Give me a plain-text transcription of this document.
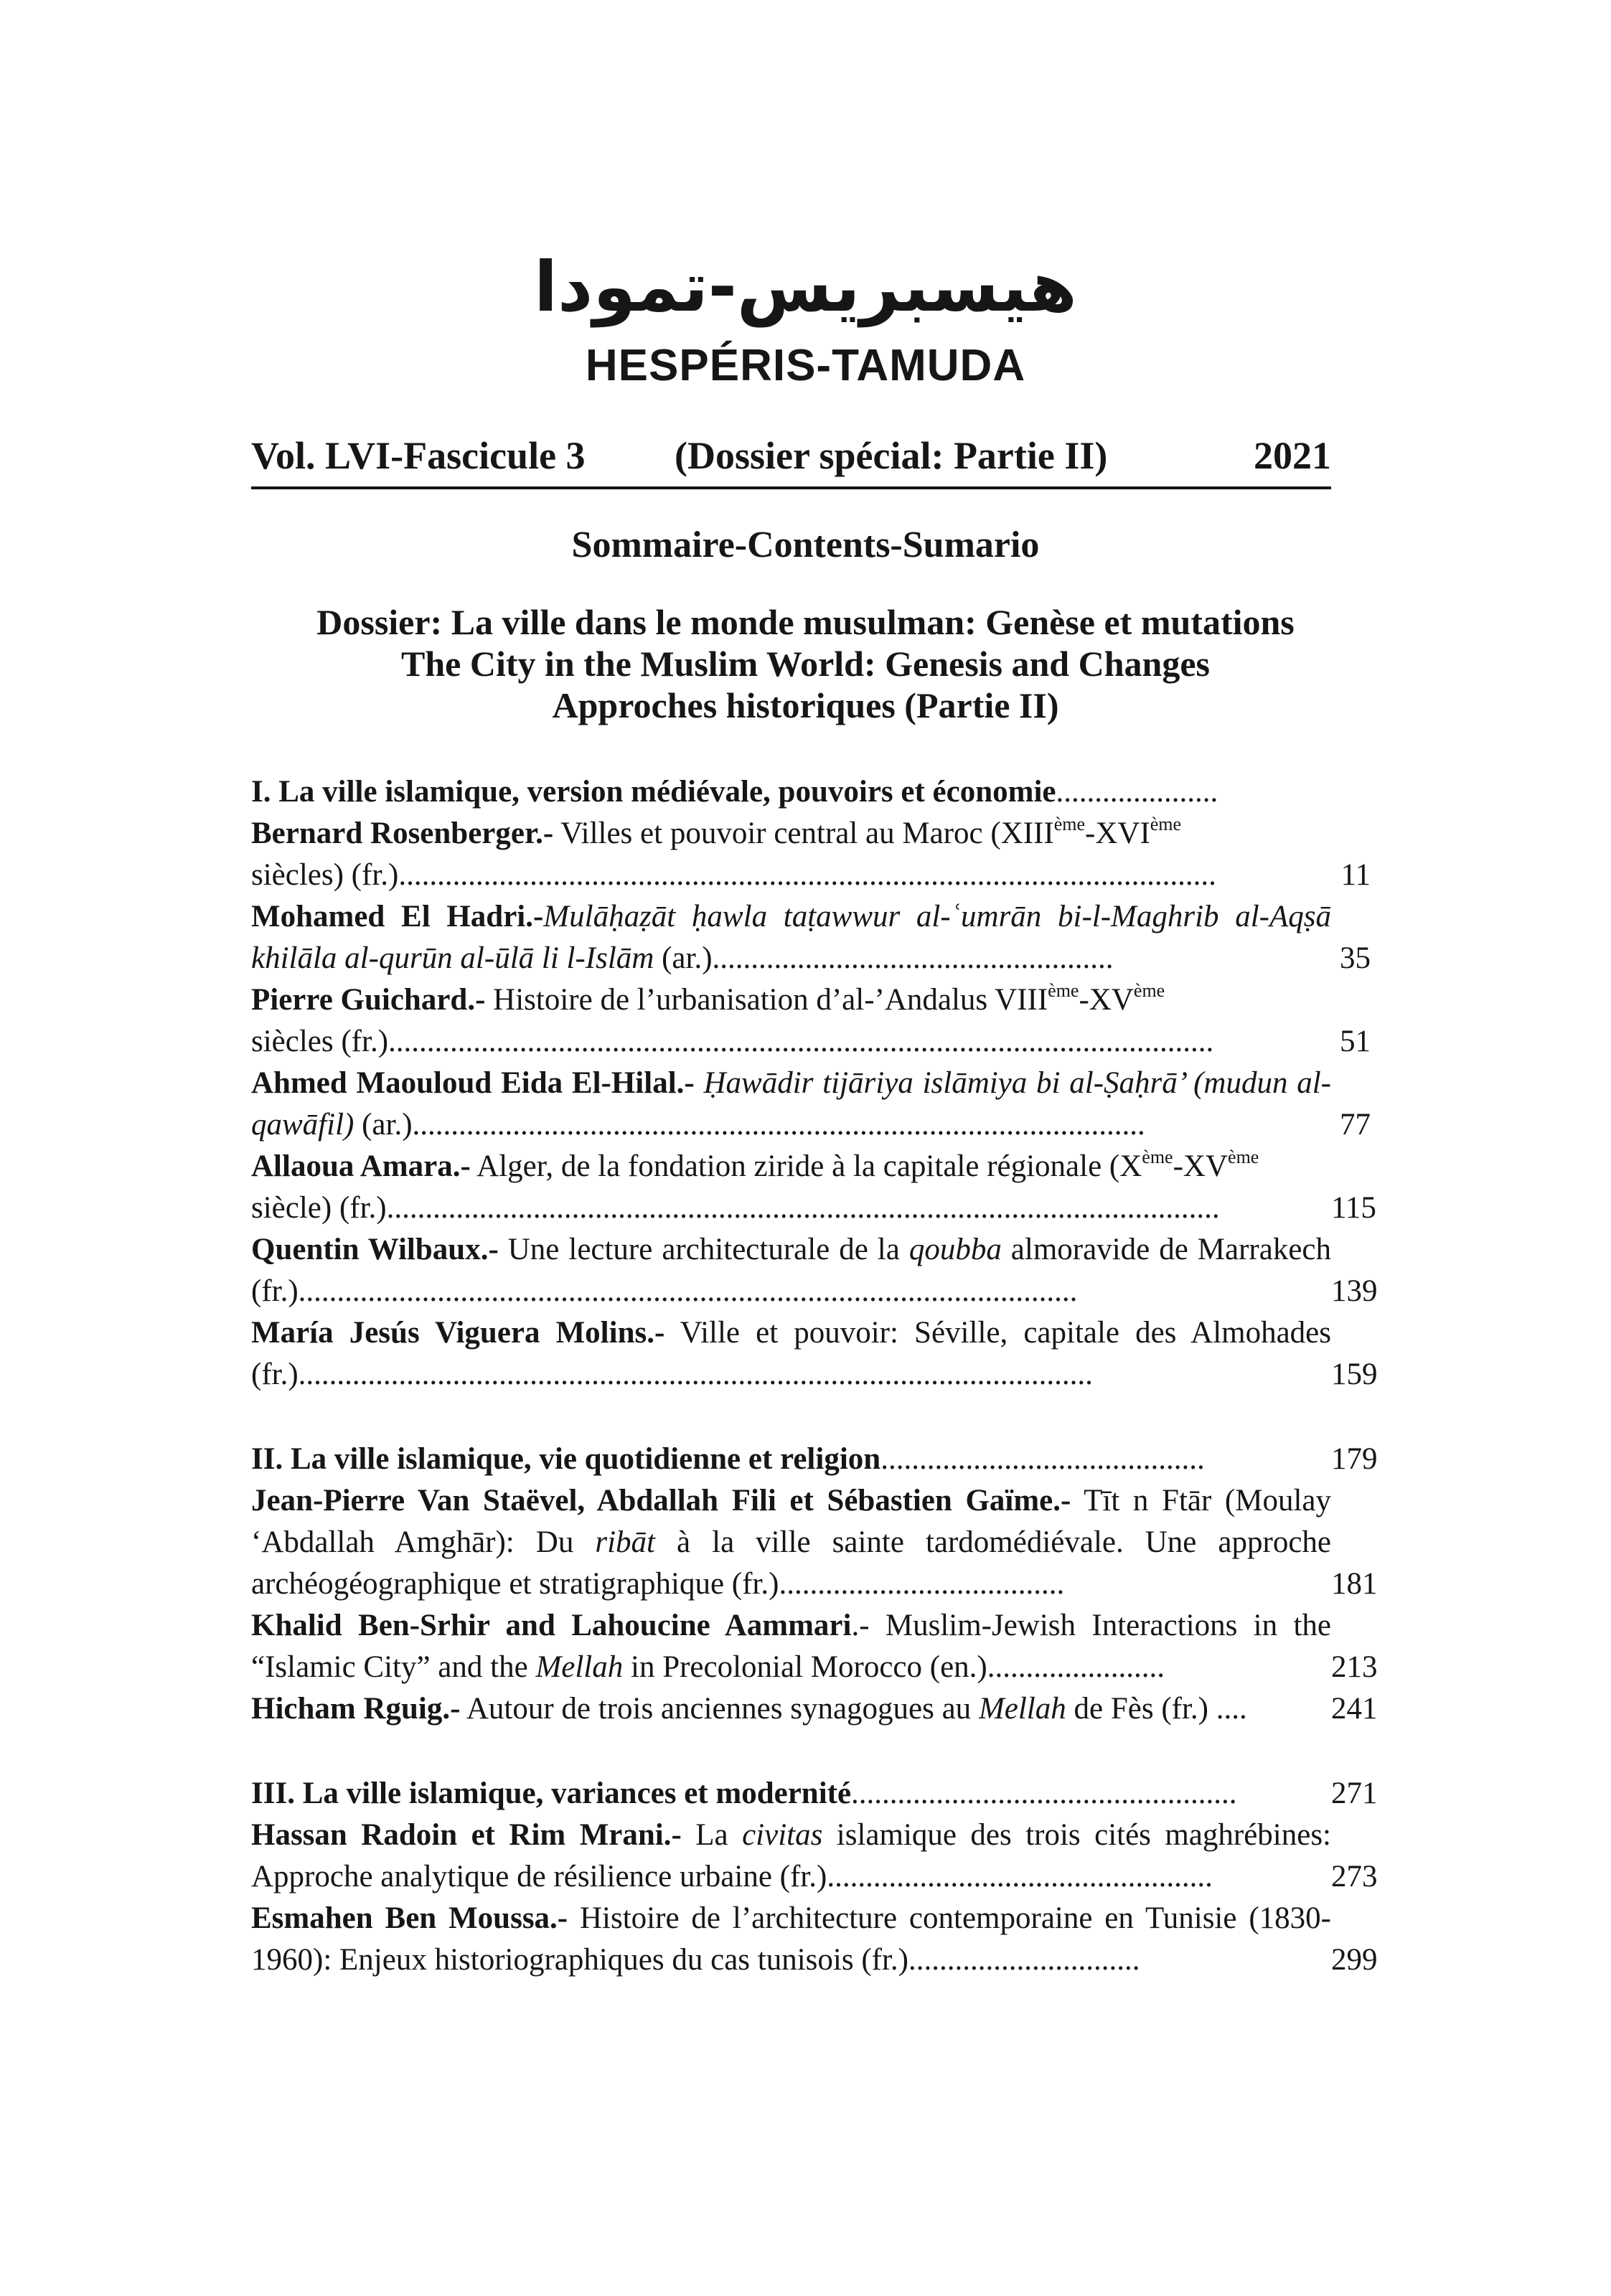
هيسبريس-تمودا
HESPÉRIS-TAMUDA
Vol. LVI-Fascicule 3 (Dossier spécial: Partie II)	2021
Sommaire-Contents-Sumario
Dossier: La ville dans le monde musulman: Genèse et mutations
The City in the Muslim World: Genesis and Changes
Approches historiques (Partie II)
I. La ville islamique, version médiévale, pouvoirs et économie.....................
Bernard Rosenberger.- Villes et pouvoir central au Maroc (XIIIème-XVIème
siècles) (fr.)..........................................................................................................	11
Mohamed El Hadri.-Mulāḥaẓāt ḥawla taṭawwur al-ʿumrān bi-l-Maghrib al-Aqṣā khilāla al-qurūn al-ūlā li l-Islām (ar.)....................................................	35
Pierre Guichard.- Histoire de l’urbanisation d’al-’Andalus VIIIème-XVème
siècles (fr.)...........................................................................................................	51
Ahmed Maouloud Eida El-Hilal.- Ḥawādir tijāriya islāmiya bi al-Ṣaḥrā’ (mudun al-qawāfil) (ar.)...............................................................................................	77
Allaoua Amara.- Alger, de la fondation ziride à la capitale régionale (Xème-XVème
siècle) (fr.)............................................................................................................	115
Quentin Wilbaux.- Une lecture architecturale de la qoubba almoravide de Marrakech (fr.).....................................................................................................	139
María Jesús Viguera Molins.- Ville et pouvoir: Séville, capitale des Almohades (fr.).......................................................................................................	159
II. La ville islamique, vie quotidienne et religion..........................................	179
Jean-Pierre Van Staëvel, Abdallah Fili et Sébastien Gaïme.- Tīt n Ftār (Moulay ‘Abdallah Amghār): Du ribāt à la ville sainte tardomédiévale. Une approche archéogéographique et stratigraphique (fr.).....................................	181
Khalid Ben-Srhir and Lahoucine Aammari.- Muslim-Jewish Interactions in the “Islamic City” and the Mellah in Precolonial Morocco (en.).......................	213
Hicham Rguig.- Autour de trois anciennes synagogues au Mellah de Fès (fr.) ....	241
III. La ville islamique, variances et modernité..................................................	271
Hassan Radoin et Rim Mrani.- La civitas islamique des trois cités maghrébines: Approche analytique de résilience urbaine (fr.)..................................................	273
Esmahen Ben Moussa.- Histoire de l’architecture contemporaine en Tunisie (1830-1960): Enjeux historiographiques du cas tunisois (fr.)..............................	299
